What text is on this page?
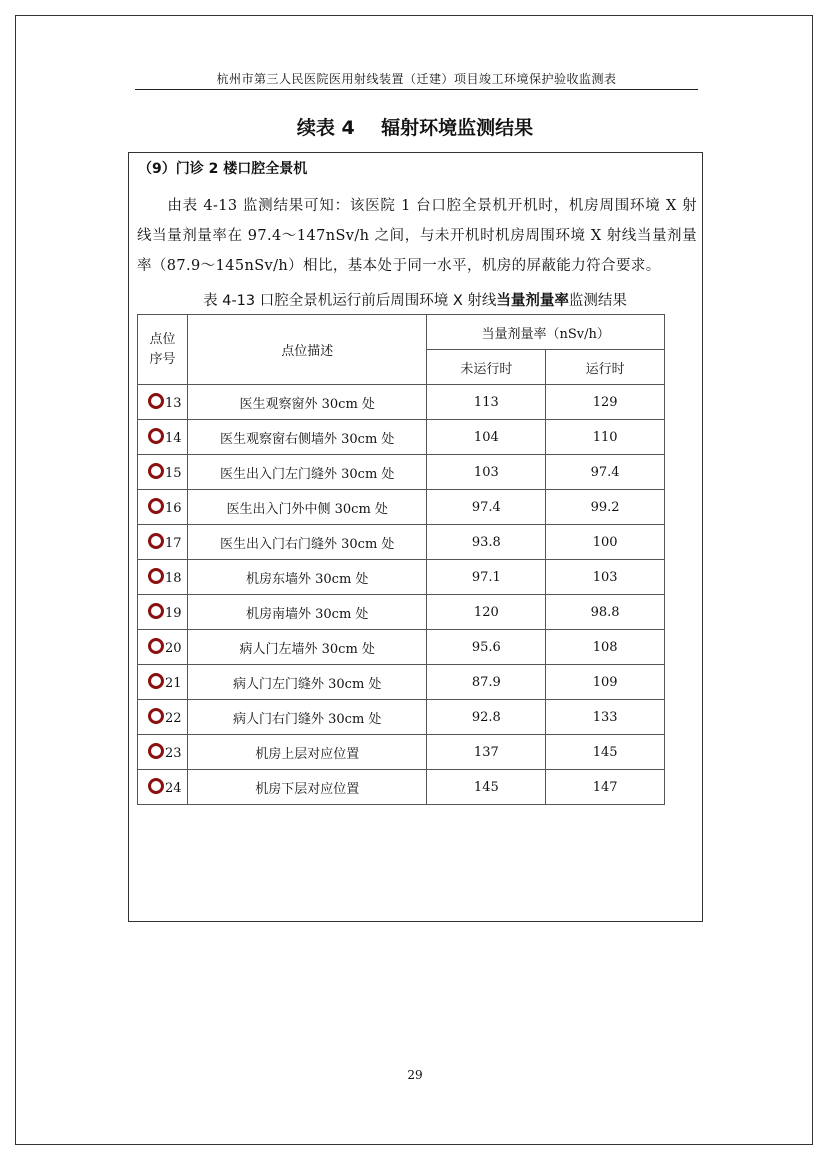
杭州市第三人民医院医用射线装置（迁建）项目竣工环境保护验收监测表
续表 4    辐射环境监测结果
（9）门诊 2 楼口腔全景机
由表 4-13 监测结果可知：该医院 1 台口腔全景机开机时，机房周围环境 X 射线当量剂量率在 97.4～147nSv/h 之间，与未开机时机房周围环境 X 射线当量剂量率（87.9～145nSv/h）相比，基本处于同一水平，机房的屏蔽能力符合要求。
表 4-13 口腔全景机运行前后周围环境 X 射线当量剂量率监测结果
点位
序号	点位描述	当量剂量率（nSv/h）	
		未运行时	运行时
13	医生观察窗外 30cm 处	113	129
14	医生观察窗右侧墙外 30cm 处	104	110
15	医生出入门左门缝外 30cm 处	103	97.4
16	医生出入门外中侧 30cm 处	97.4	99.2
17	医生出入门右门缝外 30cm 处	93.8	100
18	机房东墙外 30cm 处	97.1	103
19	机房南墙外 30cm 处	120	98.8
20	病人门左墙外 30cm 处	95.6	108
21	病人门左门缝外 30cm 处	87.9	109
22	病人门右门缝外 30cm 处	92.8	133
23	机房上层对应位置	137	145
24	机房下层对应位置	145	147
29
